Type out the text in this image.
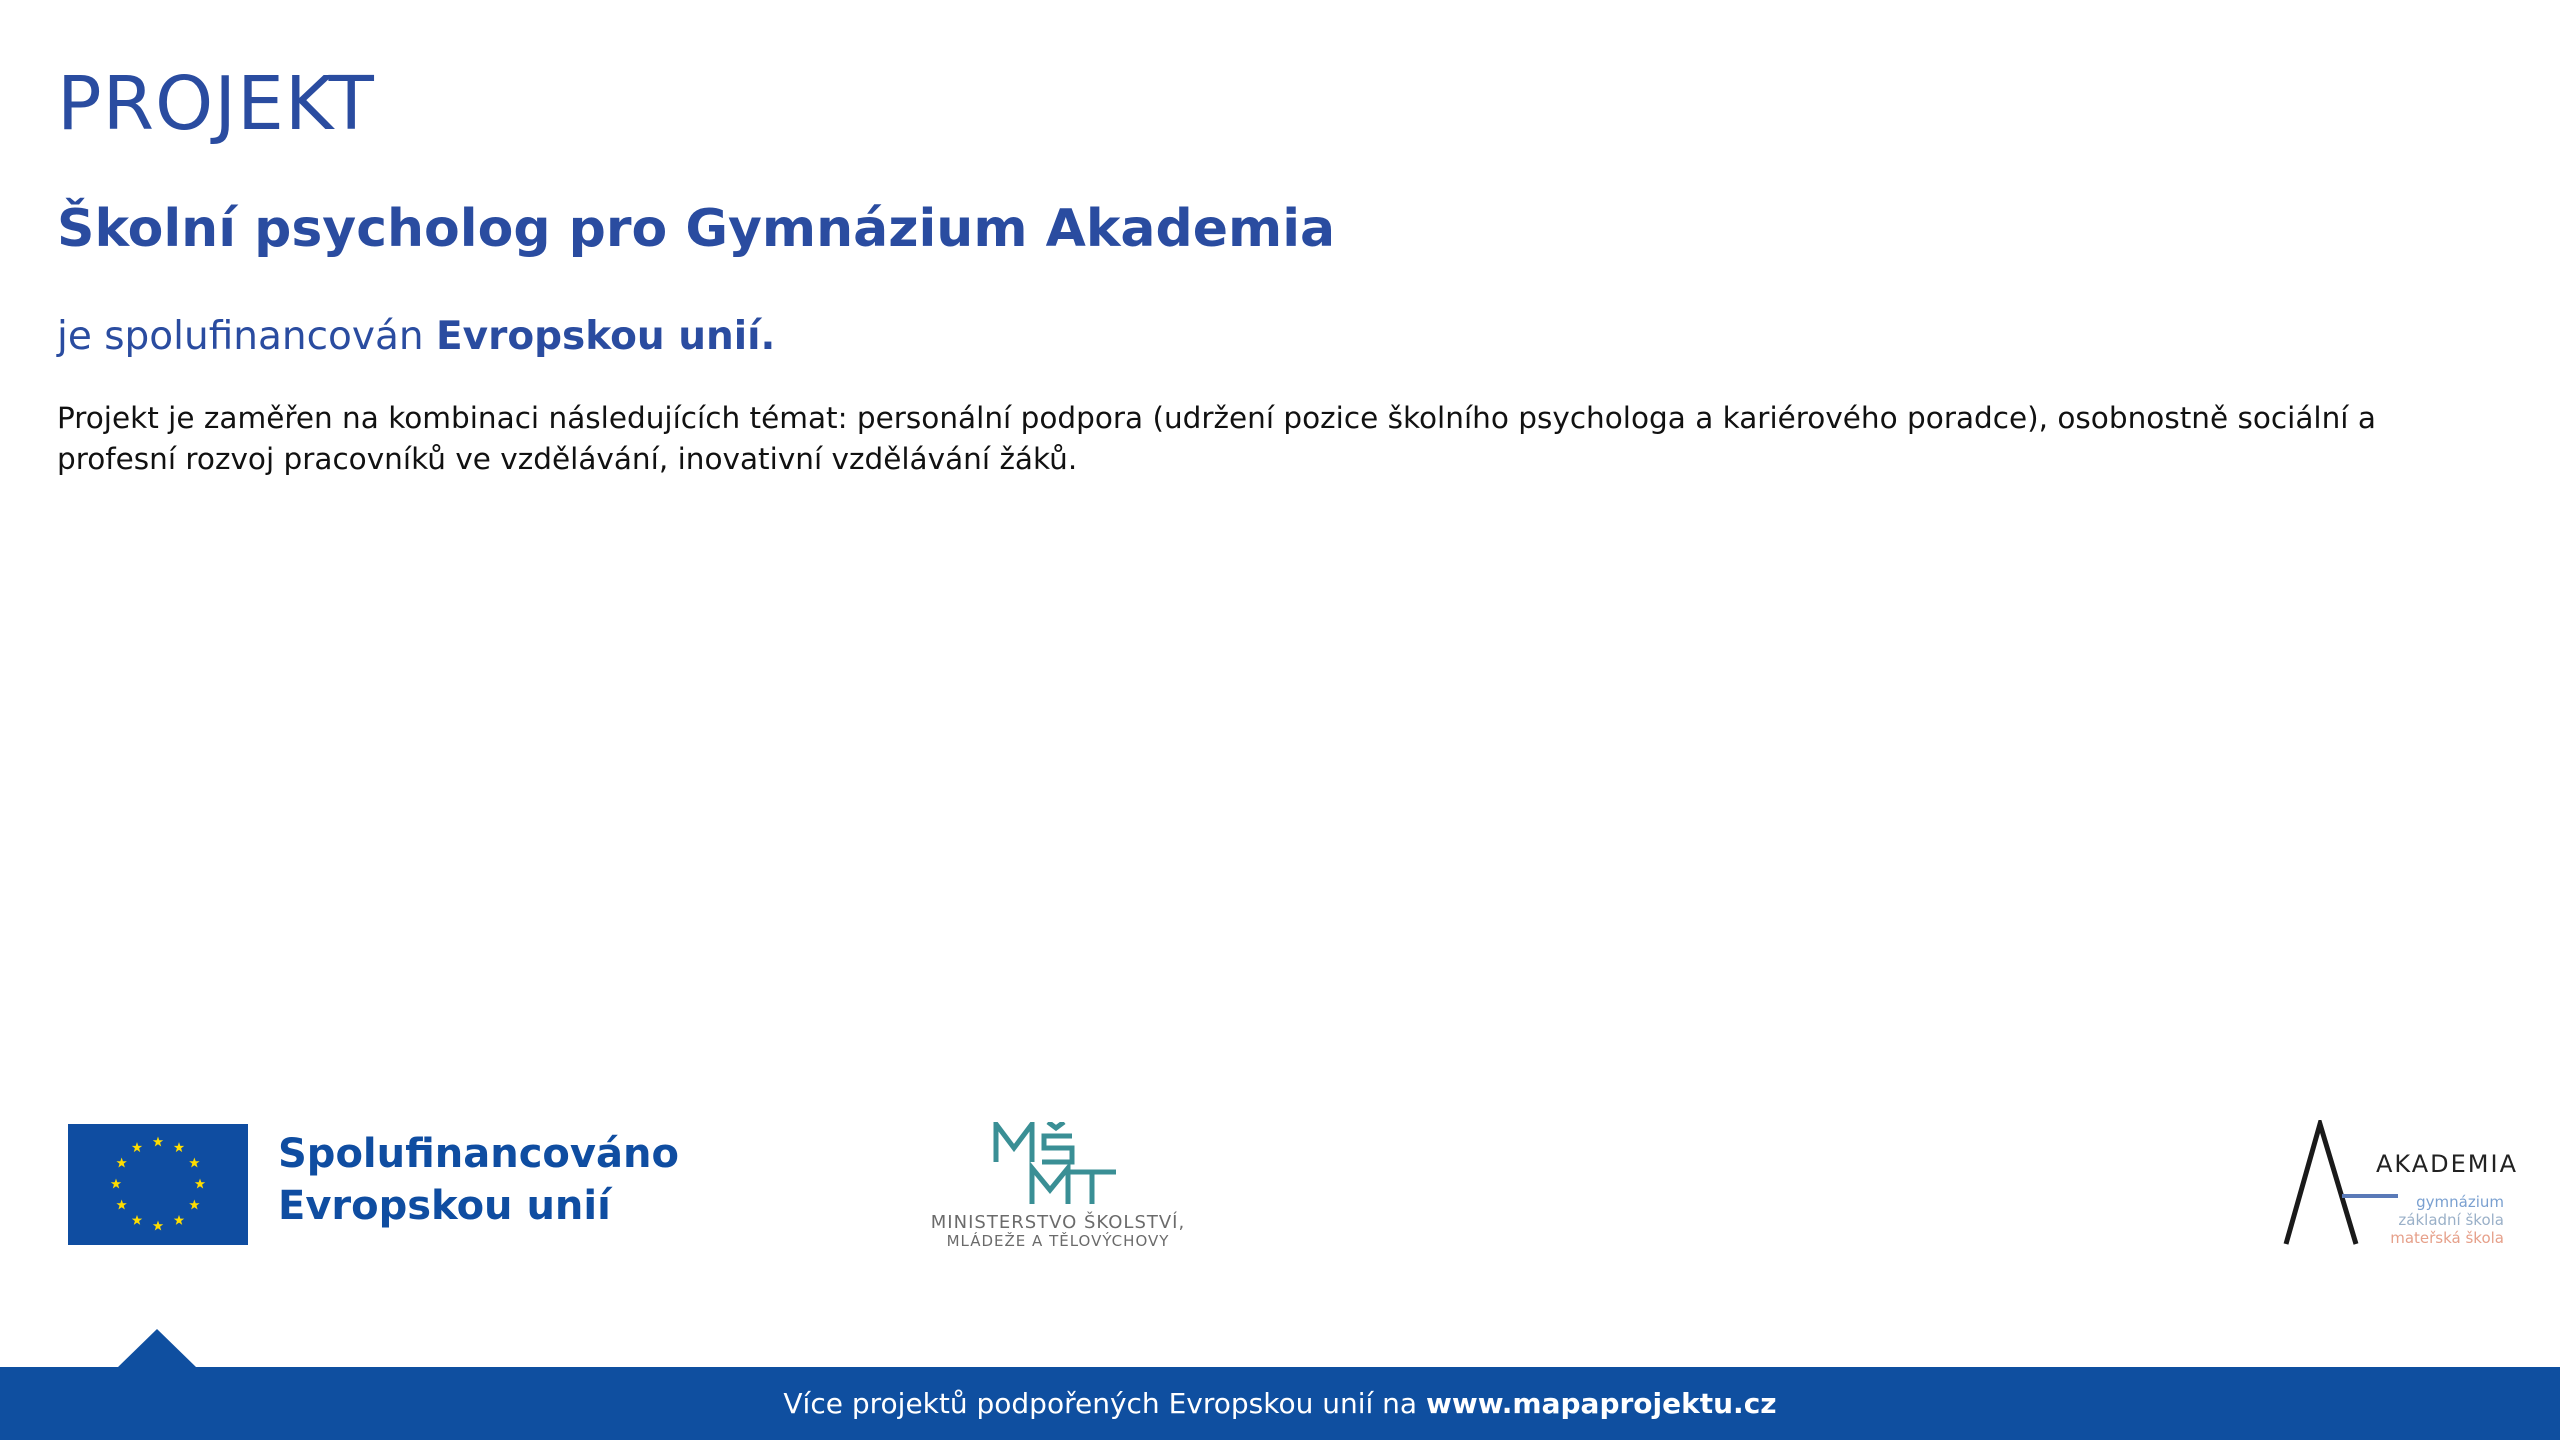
PROJEKT
Školní psycholog pro Gymnázium Akademia

je spolufinancován Evropskou unií.

Projekt je zaměřen na kombinaci následujících témat: personální podpora (udržení pozice školního psychologa a kariérového poradce), osobnostně sociální a profesní rozvoj pracovníků ve vzdělávání, inovativní vzdělávání žáků.

Spolufinancováno
Evropskou unií	MINISTERSTVO ŠKOLSTVÍ,
MLÁDEŽE A TĚLOVÝCHOVY
AKADEMIA
gymnázium
základní škola
mateřská škola
Více projektů podpořených Evropskou unií na www.mapaprojektu.cz
